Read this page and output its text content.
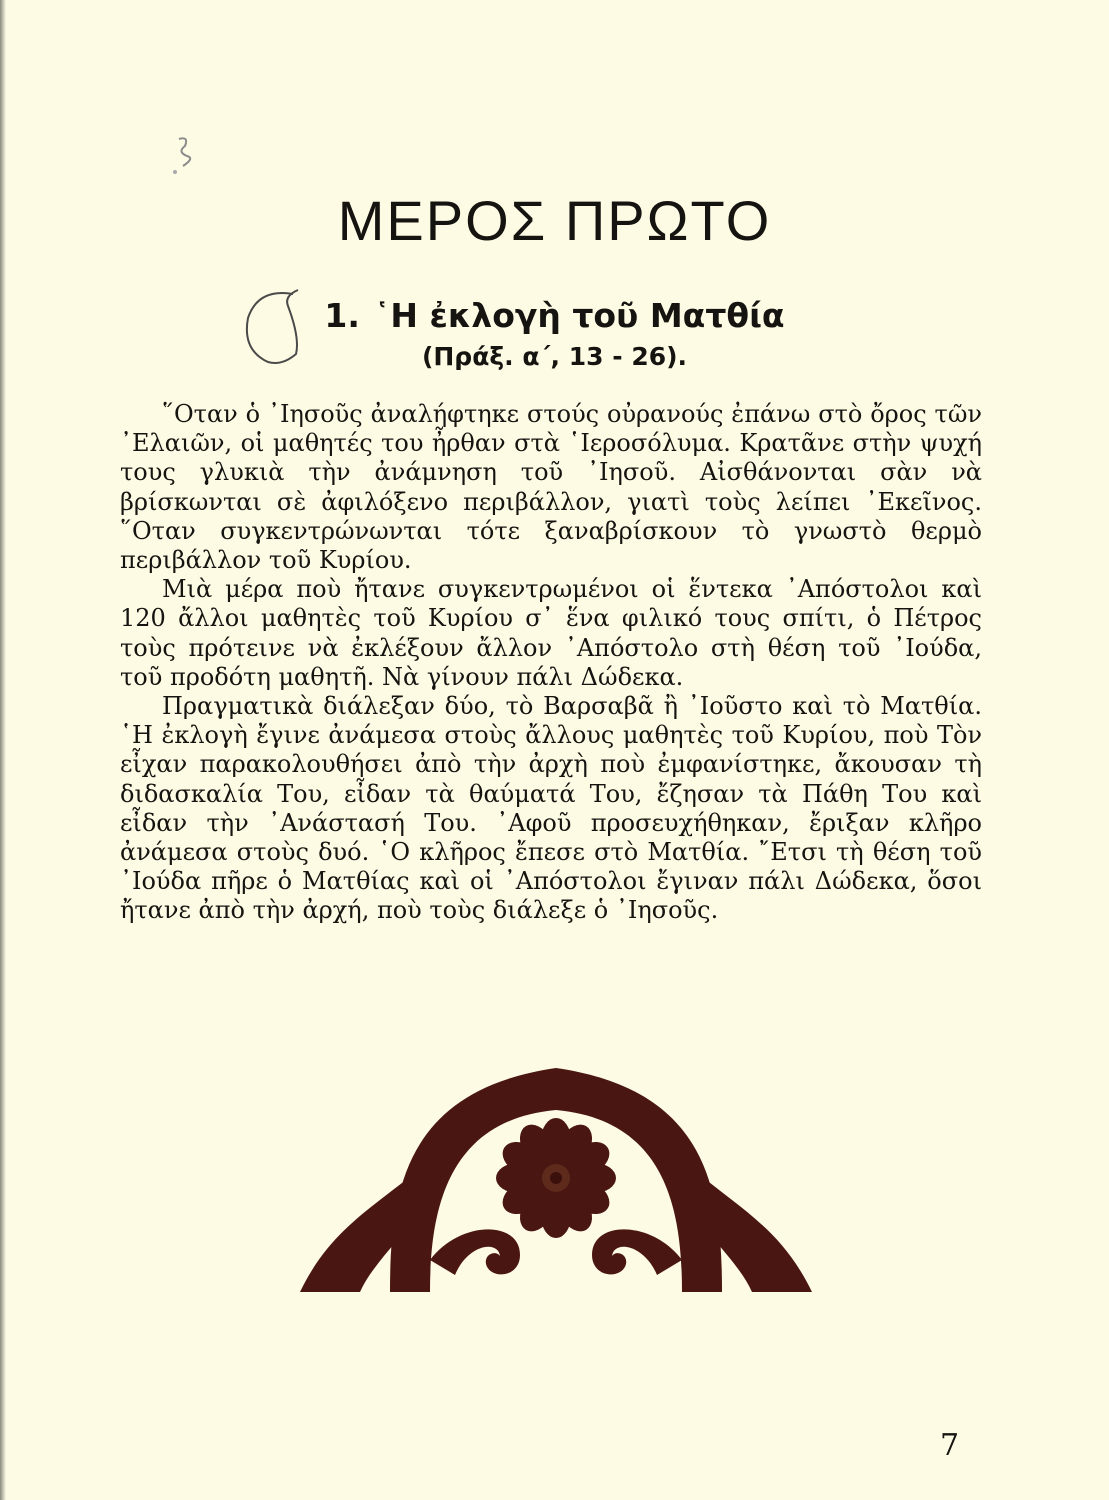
ΜΕΡΟΣ ΠΡΩΤΟ
1. ῾Η ἐκλογὴ τοῦ Ματθία
(Πράξ. α΄, 13 - 26).

῞Οταν ὁ ᾿Ιησοῦς ἀναλήφτηκε στούς οὐρανούς ἐπάνω στὸ ὄρος τῶν ᾿Ελαιῶν, οἱ μαθητές του ἦρθαν στὰ ῾Ιεροσόλυμα. Κρατᾶνε στὴν ψυχή τους γλυκιὰ τὴν ἀνάμνηση τοῦ ᾿Ιησοῦ. Αἰσθάνονται σὰν νὰ βρίσκωνται σὲ ἀφιλόξενο περιβάλλον, γιατὶ τοὺς λείπει ᾿Εκεῖνος. ῞Οταν συγκεντρώνωνται τότε ξαναβρίσκουν τὸ γνωστὸ θερμὸ περιβάλλον τοῦ Κυρίου.

Μιὰ μέρα ποὺ ἤτανε συγκεντρωμένοι οἱ ἕντεκα ᾿Απόστολοι καὶ 120 ἄλλοι μαθητὲς τοῦ Κυρίου σ᾿ ἕνα φιλικό τους σπίτι, ὁ Πέτρος τοὺς πρότεινε νὰ ἐκλέξουν ἄλλον ᾿Απόστολο στὴ θέση τοῦ ᾿Ιούδα, τοῦ προδότη μαθητῆ. Νὰ γίνουν πάλι Δώδεκα.

Πραγματικὰ διάλεξαν δύο, τὸ Βαρσαβᾶ ἢ ᾿Ιοῦστο καὶ τὸ Ματθία. ῾Η ἐκλογὴ ἔγινε ἀνάμεσα στοὺς ἄλλους μαθητὲς τοῦ Κυρίου, ποὺ Τὸν εἶχαν παρακολουθήσει ἀπὸ τὴν ἀρχὴ ποὺ ἐμφανίστηκε, ἄκουσαν τὴ διδασκαλία Του, εἶδαν τὰ θαύματά Του, ἔζησαν τὰ Πάθη Του καὶ εἶδαν τὴν ᾿Ανάστασή Του. ᾿Αφοῦ προσευχήθηκαν, ἔριξαν κλῆρο ἀνάμεσα στοὺς δυό. ῾Ο κλῆρος ἔπεσε στὸ Ματθία. ῎Ετσι τὴ θέση τοῦ ᾿Ιούδα πῆρε ὁ Ματθίας καὶ οἱ ᾿Απόστολοι ἔγιναν πάλι Δώδεκα, ὅσοι ἤτανε ἀπὸ τὴν ἀρχή, ποὺ τοὺς διάλεξε ὁ ᾿Ιησοῦς.

7
